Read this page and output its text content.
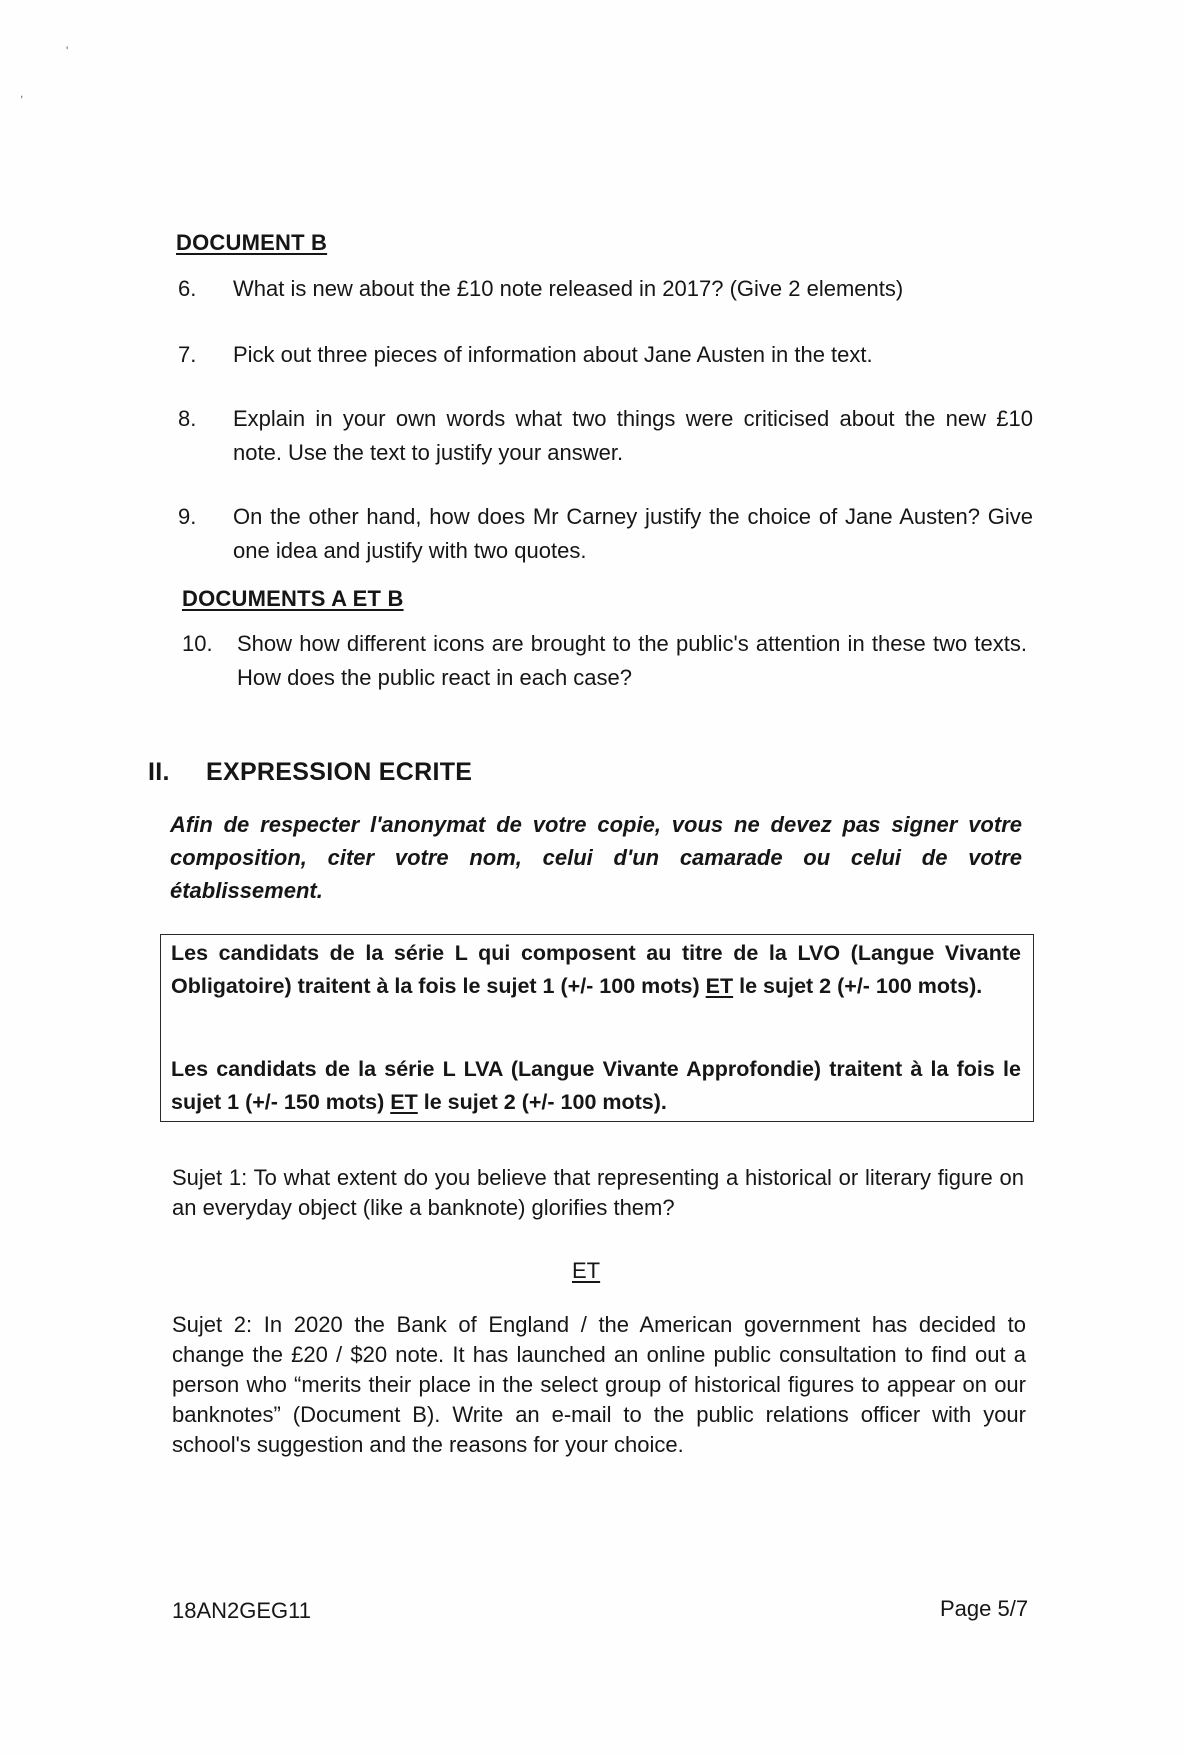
'
,
DOCUMENT B
6. What is new about the £10 note released in 2017? (Give 2 elements)
7. Pick out three pieces of information about Jane Austen in the text.
8. Explain in your own words what two things were criticised about the new £10 note. Use the text to justify your answer.
9. On the other hand, how does Mr Carney justify the choice of Jane Austen? Give one idea and justify with two quotes.
DOCUMENTS A ET B
10. Show how different icons are brought to the public's attention in these two texts. How does the public react in each case?
II. EXPRESSION ECRITE
Afin de respecter l'anonymat de votre copie, vous ne devez pas signer votre composition, citer votre nom, celui d'un camarade ou celui de votre établissement.

Les candidats de la série L qui composent au titre de la LVO (Langue Vivante Obligatoire) traitent à la fois le sujet 1 (+/- 100 mots) ET le sujet 2 (+/- 100 mots).

Les candidats de la série L LVA (Langue Vivante Approfondie) traitent à la fois le sujet 1 (+/- 150 mots) ET le sujet 2 (+/- 100 mots).

Sujet 1: To what extent do you believe that representing a historical or literary figure on an everyday object (like a banknote) glorifies them?
ET
Sujet 2: In 2020 the Bank of England / the American government has decided to change the £20 / $20 note. It has launched an online public consultation to find out a person who “merits their place in the select group of historical figures to appear on our banknotes” (Document B). Write an e-mail to the public relations officer with your school's suggestion and the reasons for your choice.
18AN2GEG11	Page 5/7
